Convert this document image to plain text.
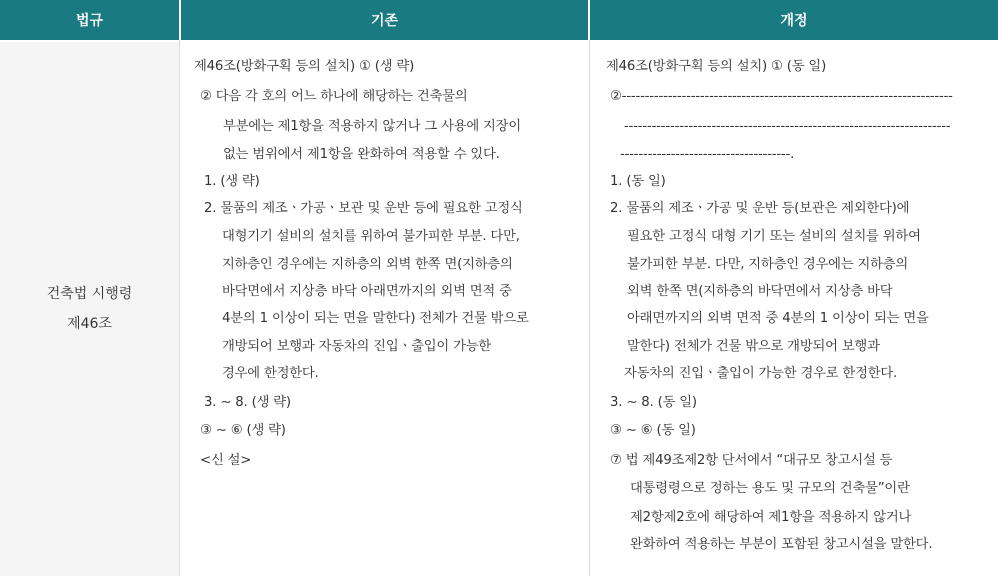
법규	기존	개정
건축법 시행령
제46조
제46조(방화구획 등의 설치) ① (생 략)
② 다음 각 호의 어느 하나에 해당하는 건축물의
부분에는 제1항을 적용하지 않거나 그 사용에 지장이
없는 범위에서 제1항을 완화하여 적용할 수 있다.
1. (생 략)
2. 물품의 제조ㆍ가공ㆍ보관 및 운반 등에 필요한 고정식
대형기기 설비의 설치를 위하여 불가피한 부분. 다만,
지하층인 경우에는 지하층의 외벽 한쪽 면(지하층의
바닥면에서 지상층 바닥 아래면까지의 외벽 면적 중
4분의 1 이상이 되는 면을 말한다) 전체가 건물 밖으로
개방되어 보행과 자동차의 진입ㆍ출입이 가능한
경우에 한정한다.
3. ∼ 8. (생 략)
③ ∼ ⑥ (생 략)
<신 설>
제46조(방화구획 등의 설치) ① (동 일)
②------------------------------------------------------------------------
-----------------------------------------------------------------------
-------------------------------------.
1. (동 일)
2. 물품의 제조ㆍ가공 및 운반 등(보관은 제외한다)에
필요한 고정식 대형 기기 또는 설비의 설치를 위하여
불가피한 부분. 다만, 지하층인 경우에는 지하층의
외벽 한쪽 면(지하층의 바닥면에서 지상층 바닥
아래면까지의 외벽 면적 중 4분의 1 이상이 되는 면을
말한다) 전체가 건물 밖으로 개방되어 보행과
자동차의 진입ㆍ출입이 가능한 경우로 한정한다.
3. ∼ 8. (동 일)
③ ∼ ⑥ (동 일)
⑦ 법 제49조제2항 단서에서 “대규모 창고시설 등
대통령령으로 정하는 용도 및 규모의 건축물”이란
제2항제2호에 해당하여 제1항을 적용하지 않거나
완화하여 적용하는 부분이 포함된 창고시설을 말한다.
